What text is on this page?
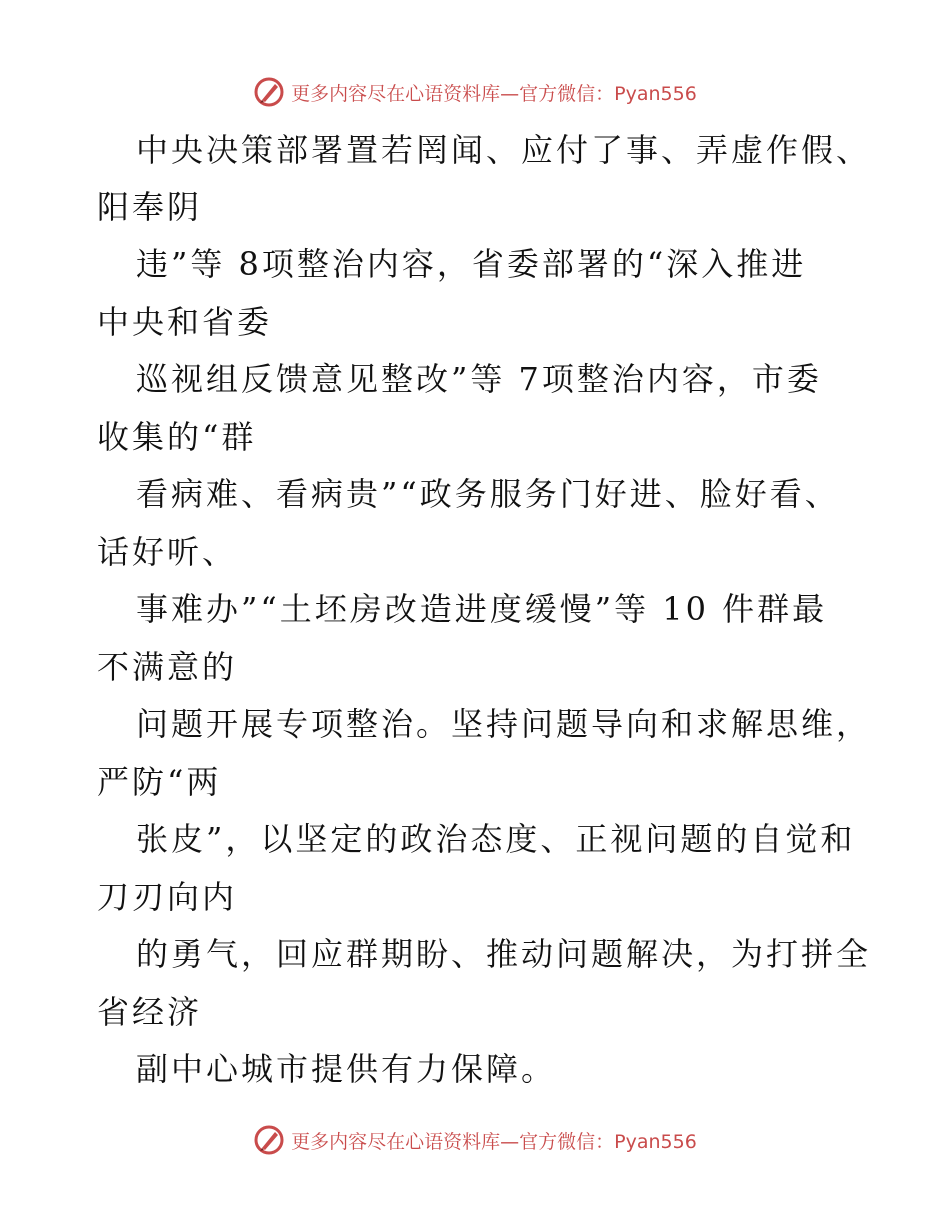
更多内容尽在心语资料库—官方微信：Pyan556
中央决策部署置若罔闻、应付了事、弄虚作假、
阳奉阴
违”等 8项整治内容，省委部署的“深入推进
中央和省委
巡视组反馈意见整改”等 7项整治内容，市委
收集的“群
看病难、看病贵”“政务服务门好进、脸好看、
话好听、
事难办”“土坯房改造进度缓慢”等 10 件群最
不满意的
问题开展专项整治。坚持问题导向和求解思维，
严防“两
张皮”，以坚定的政治态度、正视问题的自觉和
刀刃向内
的勇气，回应群期盼、推动问题解决，为打拼全
省经济
副中心城市提供有力保障。
更多内容尽在心语资料库—官方微信：Pyan556
